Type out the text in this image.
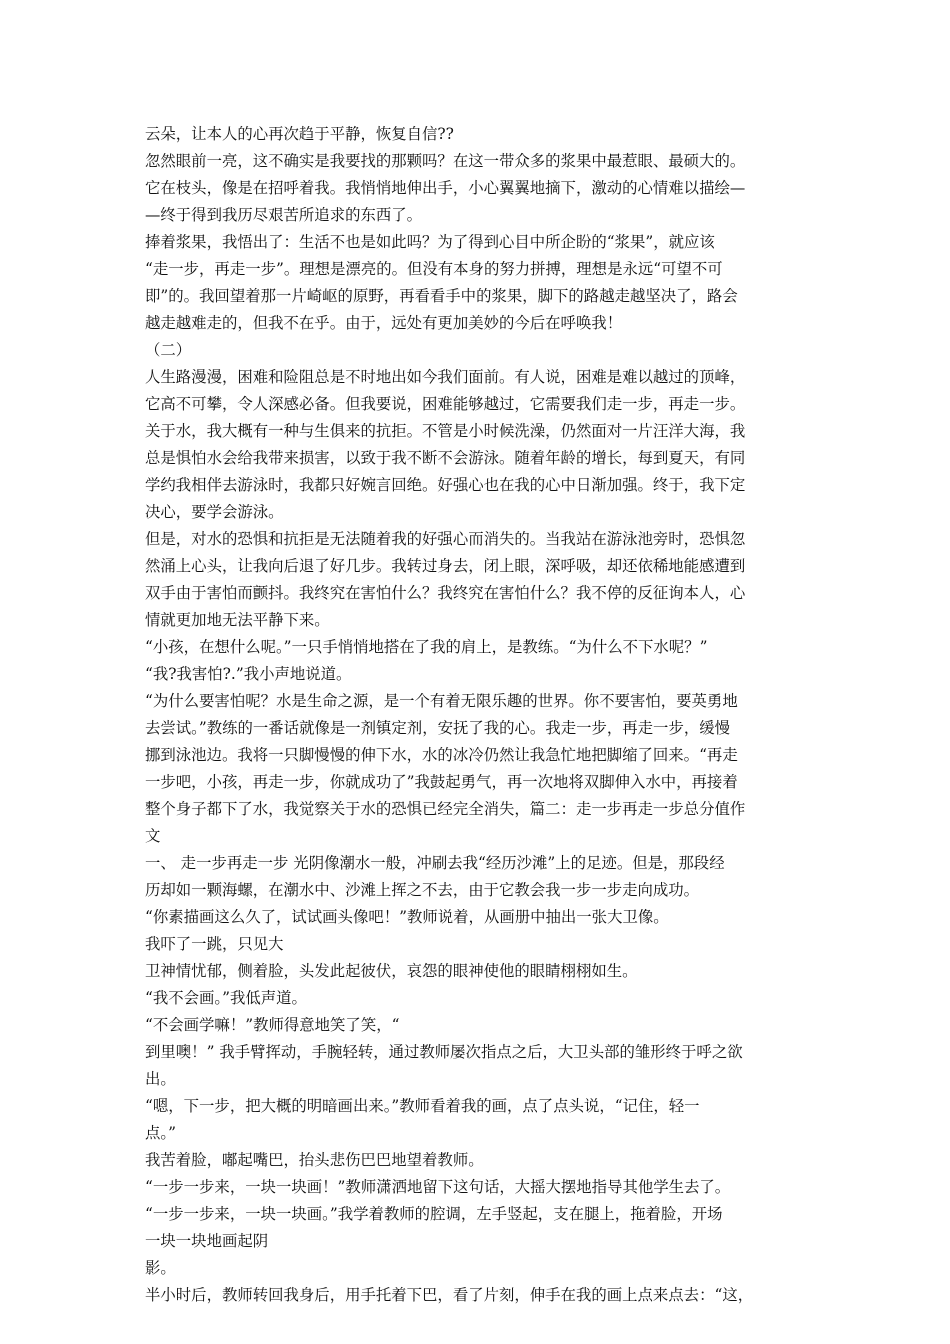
云朵，让本人的心再次趋于平静，恢复自信??
忽然眼前一亮，这不确实是我要找的那颗吗？在这一带众多的浆果中最惹眼、最硕大的。
它在枝头，像是在招呼着我。我悄悄地伸出手，小心翼翼地摘下，激动的心情难以描绘—
—终于得到我历尽艰苦所追求的东西了。
捧着浆果，我悟出了：生活不也是如此吗？为了得到心目中所企盼的“浆果”，就应该
“走一步，再走一步”。理想是漂亮的。但没有本身的努力拼搏，理想是永远“可望不可
即”的。我回望着那一片崎岖的原野，再看看手中的浆果，脚下的路越走越坚决了，路会
越走越难走的，但我不在乎。由于，远处有更加美妙的今后在呼唤我！
（二）
人生路漫漫，困难和险阻总是不时地出如今我们面前。有人说，困难是难以越过的顶峰，
它高不可攀，令人深感必备。但我要说，困难能够越过，它需要我们走一步，再走一步。
关于水，我大概有一种与生俱来的抗拒。不管是小时候洗澡，仍然面对一片汪洋大海，我
总是惧怕水会给我带来损害，以致于我不断不会游泳。随着年龄的增长，每到夏天，有同
学约我相伴去游泳时，我都只好婉言回绝。好强心也在我的心中日渐加强。终于，我下定
决心，要学会游泳。
但是，对水的恐惧和抗拒是无法随着我的好强心而消失的。当我站在游泳池旁时，恐惧忽
然涌上心头，让我向后退了好几步。我转过身去，闭上眼，深呼吸，却还依稀地能感遭到
双手由于害怕而颤抖。我终究在害怕什么？我终究在害怕什么？我不停的反征询本人，心
情就更加地无法平静下来。
“小孩，在想什么呢。”一只手悄悄地搭在了我的肩上，是教练。“为什么不下水呢？”
“我?我害怕?.”我小声地说道。
“为什么要害怕呢？水是生命之源，是一个有着无限乐趣的世界。你不要害怕，要英勇地
去尝试。”教练的一番话就像是一剂镇定剂，安抚了我的心。我走一步，再走一步，缓慢
挪到泳池边。我将一只脚慢慢的伸下水，水的冰冷仍然让我急忙地把脚缩了回来。“再走
一步吧，小孩，再走一步，你就成功了”我鼓起勇气，再一次地将双脚伸入水中，再接着
整个身子都下了水，我觉察关于水的恐惧已经完全消失，篇二：走一步再走一步总分值作
文
一、 走一步再走一步 光阴像潮水一般，冲刷去我“经历沙滩”上的足迹。但是，那段经
历却如一颗海螺，在潮水中、沙滩上挥之不去，由于它教会我一步一步走向成功。
“你素描画这么久了，试试画头像吧！”教师说着，从画册中抽出一张大卫像。
我吓了一跳，只见大
卫神情忧郁，侧着脸，头发此起彼伏，哀怨的眼神使他的眼睛栩栩如生。
“我不会画。”我低声道。
“不会画学嘛！”教师得意地笑了笑，“
到里噢！” 我手臂挥动，手腕轻转，通过教师屡次指点之后，大卫头部的雏形终于呼之欲
出。
“嗯，下一步，把大概的明暗画出来。”教师看着我的画，点了点头说，“记住，轻一
点。”
我苦着脸，嘟起嘴巴，抬头悲伤巴巴地望着教师。
“一步一步来，一块一块画！”教师潇洒地留下这句话，大摇大摆地指导其他学生去了。
“一步一步来，一块一块画。”我学着教师的腔调，左手竖起，支在腿上，拖着脸，开场
一块一块地画起阴
影。
半小时后，教师转回我身后，用手托着下巴，看了片刻，伸手在我的画上点来点去：“这，
